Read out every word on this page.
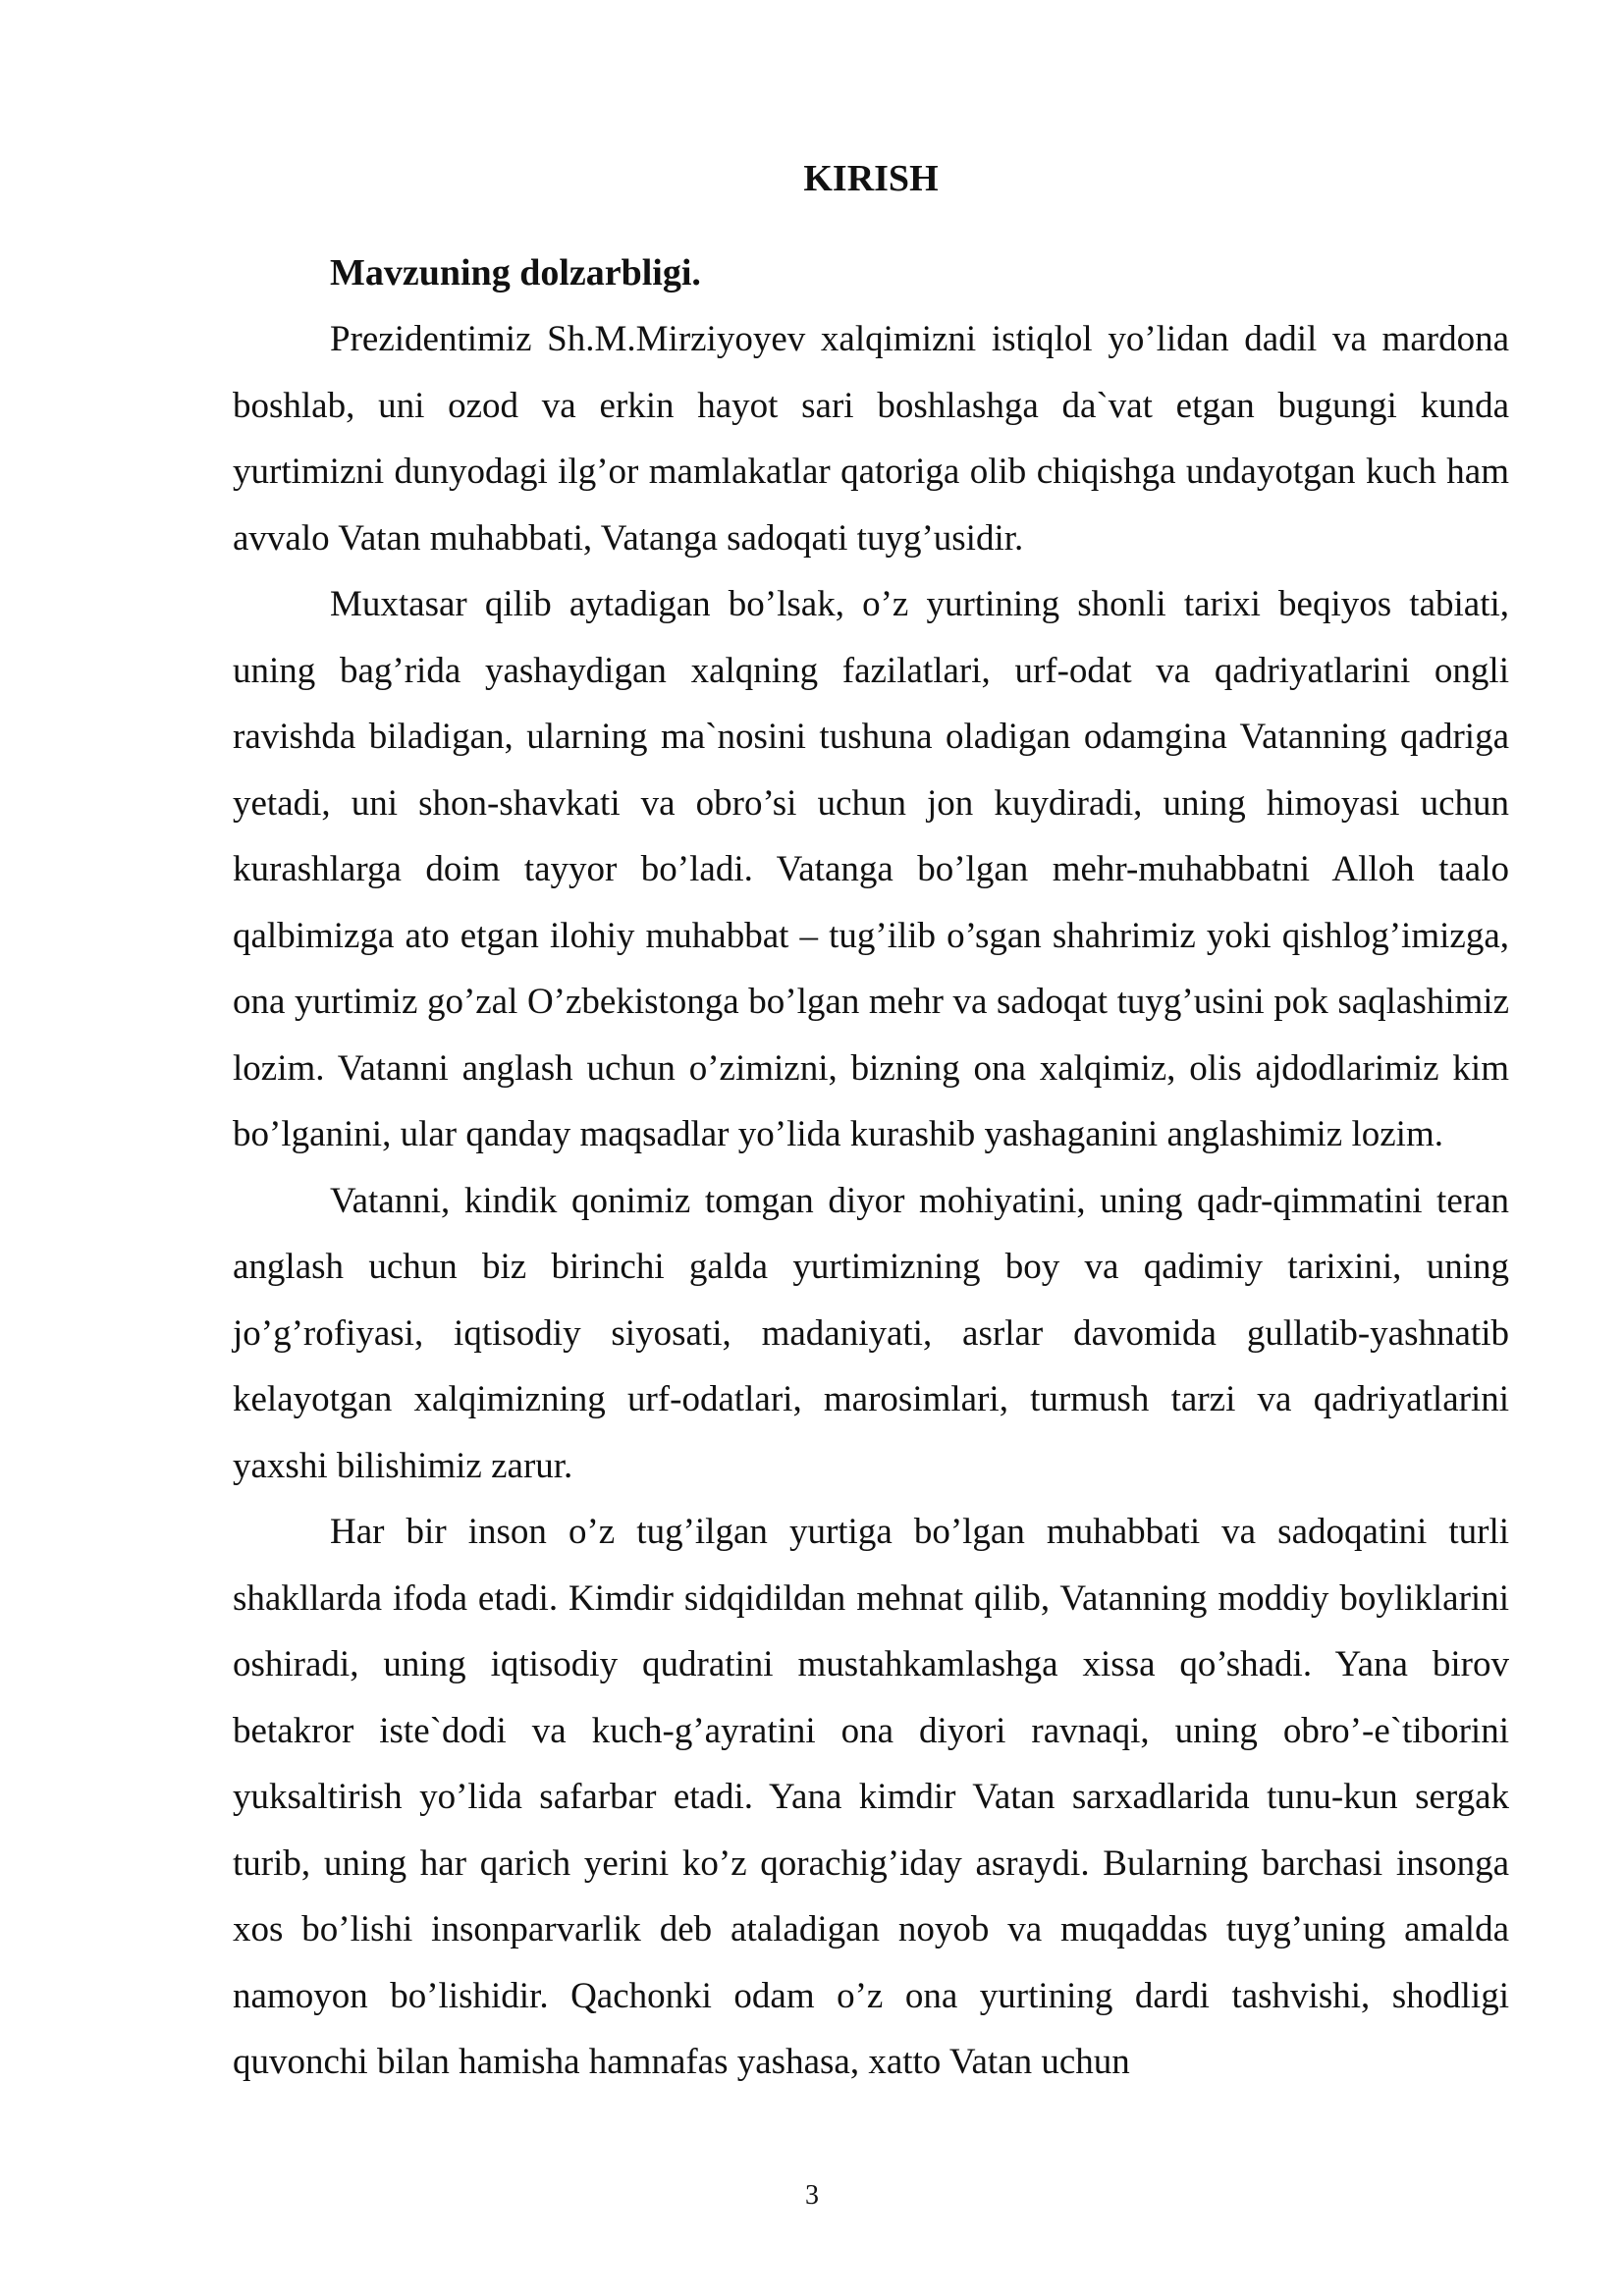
KIRISH

Mavzuning dolzarbligi.

Prezidentimiz Sh.M.Mirziyoyev xalqimizni istiqlol yo’lidan dadil va mardona boshlab, uni ozod va erkin hayot sari boshlashga da`vat etgan bugungi kunda yurtimizni dunyodagi ilg’or mamlakatlar qatoriga olib chiqishga undayotgan kuch ham avvalo Vatan muhabbati, Vatanga sadoqati tuyg’usidir.

Muxtasar qilib aytadigan bo’lsak, o’z yurtining shonli tarixi beqiyos tabiati, uning bag’rida yashaydigan xalqning fazilatlari, urf-odat va qadriyatlarini ongli ravishda biladigan, ularning ma`nosini tushuna oladigan odamgina Vatanning qadriga yetadi, uni shon-shavkati va obro’si uchun jon kuydiradi, uning himoyasi uchun kurashlarga doim tayyor bo’ladi. Vatanga bo’lgan mehr-muhabbatni Alloh taalo qalbimizga ato etgan ilohiy muhabbat – tug’ilib o’sgan shahrimiz yoki qishlog’imizga, ona yurtimiz go’zal O’zbekistonga bo’lgan mehr va sadoqat tuyg’usini pok saqlashimiz lozim. Vatanni anglash uchun o’zimizni, bizning ona xalqimiz, olis ajdodlarimiz kim bo’lganini, ular qanday maqsadlar yo’lida kurashib yashaganini anglashimiz lozim.

Vatanni, kindik qonimiz tomgan diyor mohiyatini, uning qadr-qimmatini teran anglash uchun biz birinchi galda yurtimizning boy va qadimiy tarixini, uning jo’g’rofiyasi, iqtisodiy siyosati, madaniyati, asrlar davomida gullatib-yashnatib kelayotgan xalqimizning urf-odatlari, marosimlari, turmush tarzi va qadriyatlarini yaxshi bilishimiz zarur.

Har bir inson o’z tug’ilgan yurtiga bo’lgan muhabbati va sadoqatini turli shakllarda ifoda etadi. Kimdir sidqidildan mehnat qilib, Vatanning moddiy boyliklarini oshiradi, uning iqtisodiy qudratini mustahkamlashga xissa qo’shadi. Yana birov betakror iste`dodi va kuch-g’ayratini ona diyori ravnaqi, uning obro’-e`tiborini yuksaltirish yo’lida safarbar etadi. Yana kimdir Vatan sarxadlarida tunu-kun sergak turib, uning har qarich yerini ko’z qorachig’iday asraydi. Bularning barchasi insonga xos bo’lishi insonparvarlik deb ataladigan noyob va muqaddas tuyg’uning amalda namoyon bo’lishidir. Qachonki odam o’z ona yurtining dardi tashvishi, shodligi quvonchi bilan hamisha hamnafas yashasa, xatto Vatan uchun

3
